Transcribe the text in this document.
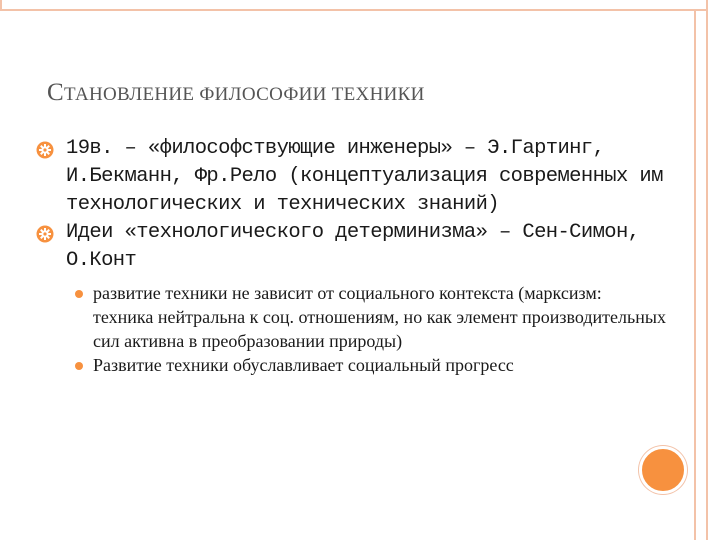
СТАНОВЛЕНИЕ ФИЛОСОФИИ ТЕХНИКИ
19в. – «философствующие инженеры» – Э.Гартинг, И.Бекманн, Фр.Рело (концептуализация современных им технологических и технических знаний)
Идеи «технологического детерминизма» – Сен-Симон, О.Конт
развитие техники не зависит от социального контекста (марксизм: техника нейтральна к соц. отношениям, но как элемент производительных сил активна в преобразовании природы)
Развитие техники обуславливает социальный прогресс
